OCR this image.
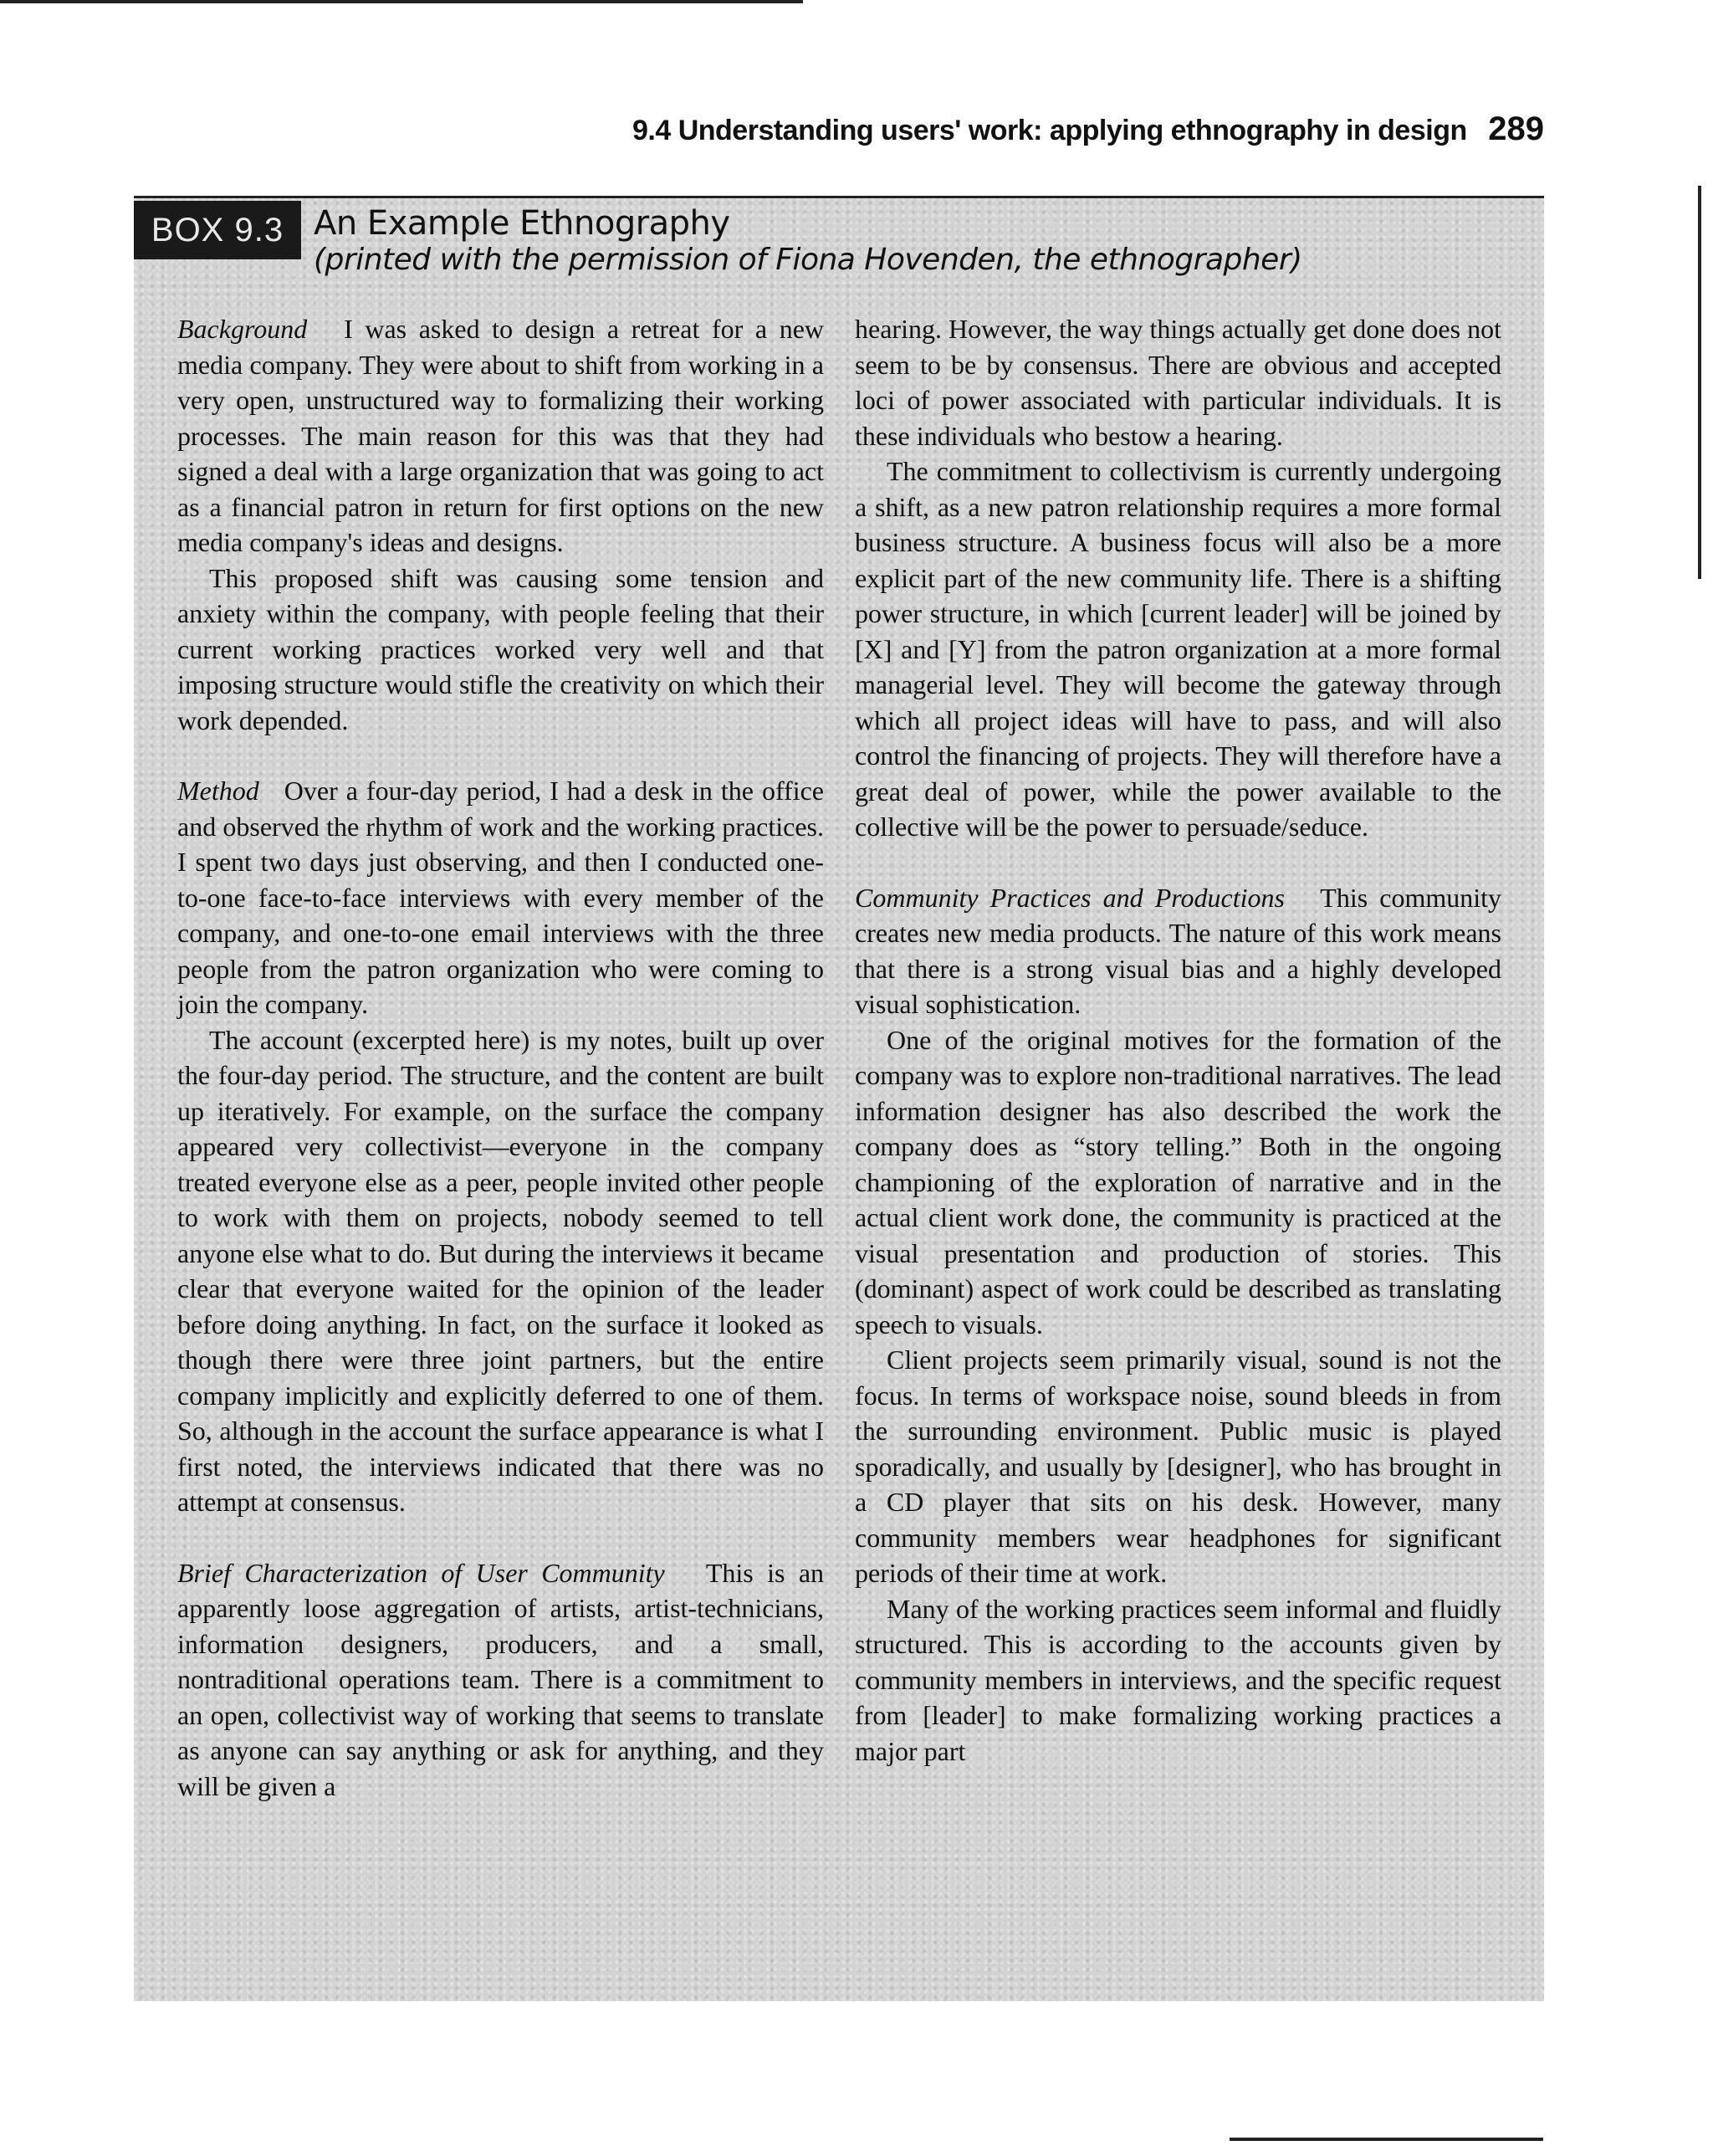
9.4 Understanding users' work: applying ethnography in design 289
BOX 9.3 An Example Ethnography
(printed with the permission of Fiona Hovenden, the ethnographer)

Background I was asked to design a retreat for a new media company. They were about to shift from working in a very open, unstructured way to formalizing their working processes. The main reason for this was that they had signed a deal with a large organization that was going to act as a financial patron in return for first options on the new media company's ideas and designs.

This proposed shift was causing some tension and anxiety within the company, with people feeling that their current working practices worked very well and that imposing structure would stifle the creativity on which their work depended.

Method Over a four-day period, I had a desk in the office and observed the rhythm of work and the working practices. I spent two days just observing, and then I conducted one-to-one face-to-face interviews with every member of the company, and one-to-one email interviews with the three people from the patron organization who were coming to join the company.

The account (excerpted here) is my notes, built up over the four-day period. The structure, and the content are built up iteratively. For example, on the surface the company appeared very collectivist—everyone in the company treated everyone else as a peer, people invited other people to work with them on projects, nobody seemed to tell anyone else what to do. But during the interviews it became clear that everyone waited for the opinion of the leader before doing anything. In fact, on the surface it looked as though there were three joint partners, but the entire company implicitly and explicitly deferred to one of them. So, although in the account the surface appearance is what I first noted, the interviews indicated that there was no attempt at consensus.

Brief Characterization of User Community This is an apparently loose aggregation of artists, artist-technicians, information designers, producers, and a small, nontraditional operations team. There is a commitment to an open, collectivist way of working that seems to translate as anyone can say anything or ask for anything, and they will be given a

hearing. However, the way things actually get done does not seem to be by consensus. There are obvious and accepted loci of power associated with particular individuals. It is these individuals who bestow a hearing.

The commitment to collectivism is currently undergoing a shift, as a new patron relationship requires a more formal business structure. A business focus will also be a more explicit part of the new community life. There is a shifting power structure, in which [current leader] will be joined by [X] and [Y] from the patron organization at a more formal managerial level. They will become the gateway through which all project ideas will have to pass, and will also control the financing of projects. They will therefore have a great deal of power, while the power available to the collective will be the power to persuade/seduce.

Community Practices and Productions This community creates new media products. The nature of this work means that there is a strong visual bias and a highly developed visual sophistication.

One of the original motives for the formation of the company was to explore non-traditional narratives. The lead information designer has also described the work the company does as “story telling.” Both in the ongoing championing of the exploration of narrative and in the actual client work done, the community is practiced at the visual presentation and production of stories. This (dominant) aspect of work could be described as translating speech to visuals.

Client projects seem primarily visual, sound is not the focus. In terms of workspace noise, sound bleeds in from the surrounding environment. Public music is played sporadically, and usually by [designer], who has brought in a CD player that sits on his desk. However, many community members wear headphones for significant periods of their time at work.

Many of the working practices seem informal and fluidly structured. This is according to the accounts given by community members in interviews, and the specific request from [leader] to make formalizing working practices a major part
